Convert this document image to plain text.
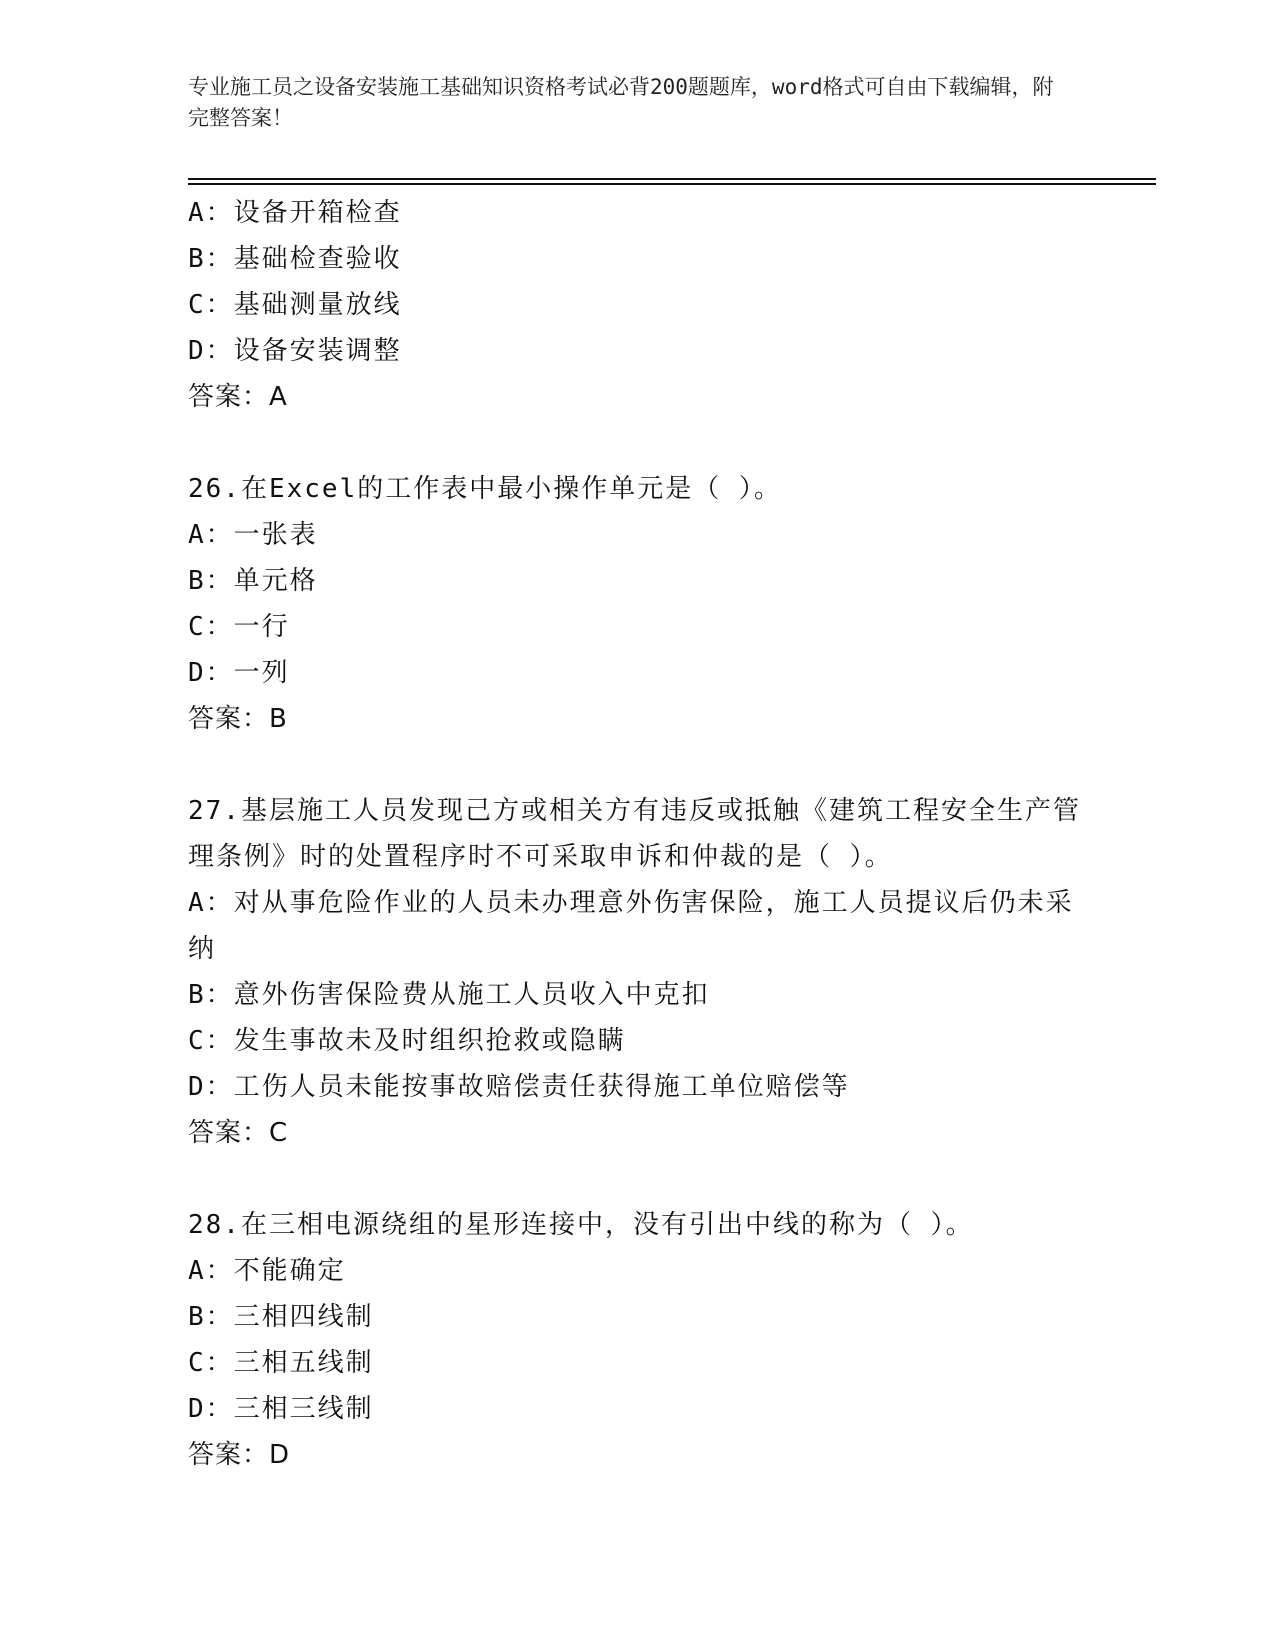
专业施工员之设备安装施工基础知识资格考试必背200题题库，word格式可自由下载编辑，附完整答案！
A：设备开箱检查
B：基础检查验收
C：基础测量放线
D：设备安装调整
答案：A
26.在Excel的工作表中最小操作单元是（ ）。
A：一张表
B：单元格
C：一行
D：一列
答案：B
27.基层施工人员发现己方或相关方有违反或抵触《建筑工程安全生产管理条例》时的处置程序时不可采取申诉和仲裁的是（ ）。
A：对从事危险作业的人员未办理意外伤害保险，施工人员提议后仍未采纳
B：意外伤害保险费从施工人员收入中克扣
C：发生事故未及时组织抢救或隐瞒
D：工伤人员未能按事故赔偿责任获得施工单位赔偿等
答案：C
28.在三相电源绕组的星形连接中，没有引出中线的称为（ ）。
A：不能确定
B：三相四线制
C：三相五线制
D：三相三线制
答案：D
